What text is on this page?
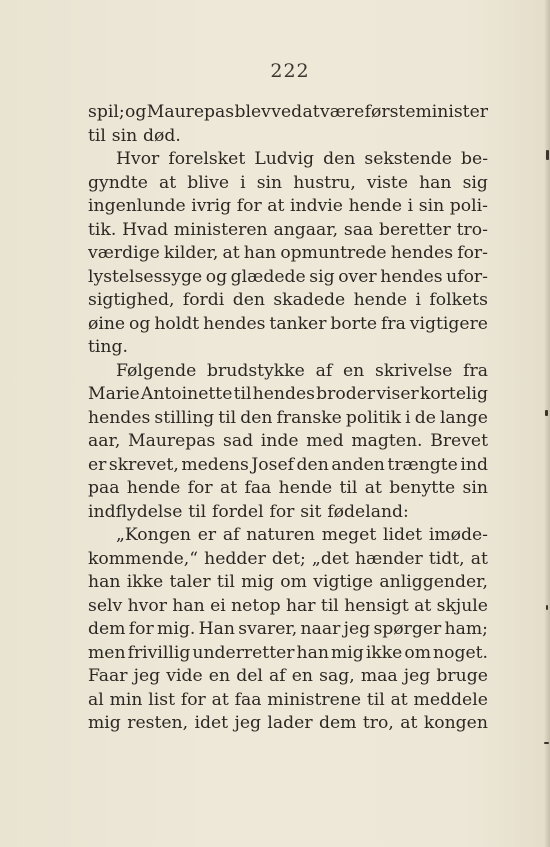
222
spil; og Maurepas blev ved at være førsteminister
til sin død.
Hvor forelsket Ludvig den sekstende be-
gyndte at blive i sin hustru, viste han sig
ingenlunde ivrig for at indvie hende i sin poli-
tik. Hvad ministeren angaar, saa beretter tro-
værdige kilder, at han opmuntrede hendes for-
lystelsessyge og glædede sig over hendes ufor-
sigtighed, fordi den skadede hende i folkets
øine og holdt hendes tanker borte fra vigtigere
ting.
Følgende brudstykke af en skrivelse fra
Marie Antoinette til hendes broder viser kortelig
hendes stilling til den franske politik i de lange
aar, Maurepas sad inde med magten. Brevet
er skrevet, medens Josef den anden trængte ind
paa hende for at faa hende til at benytte sin
indflydelse til fordel for sit fødeland:
„Kongen er af naturen meget lidet imøde-
kommende,“ hedder det; „det hænder tidt, at
han ikke taler til mig om vigtige anliggender,
selv hvor han ei netop har til hensigt at skjule
dem for mig. Han svarer, naar jeg spørger ham;
men frivillig underretter han mig ikke om noget.
Faar jeg vide en del af en sag, maa jeg bruge
al min list for at faa ministrene til at meddele
mig resten, idet jeg lader dem tro, at kongen
